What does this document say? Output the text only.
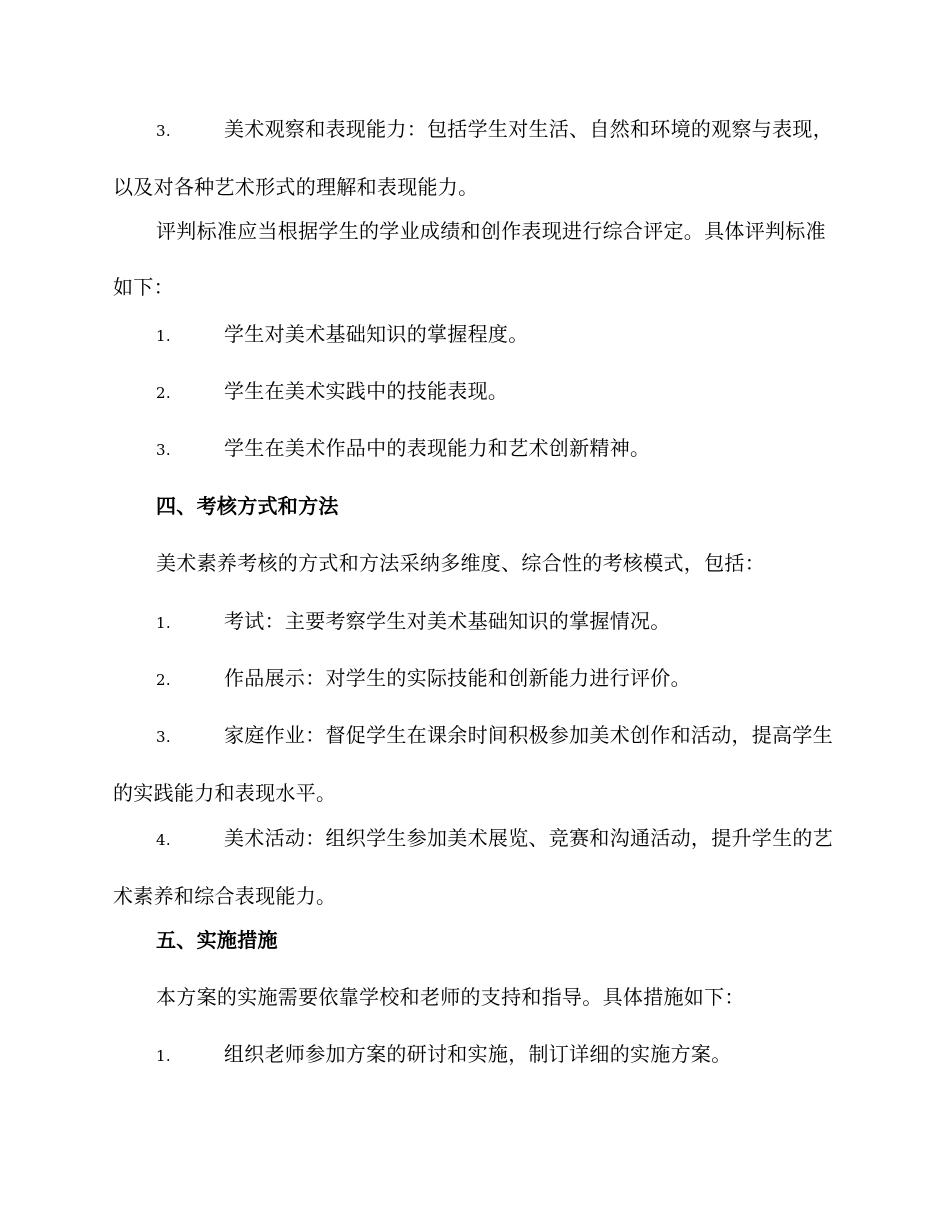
3.	美术观察和表现能力：包括学生对生活、自然和环境的观察与表现，以及对各种艺术形式的理解和表现能力。
评判标准应当根据学生的学业成绩和创作表现进行综合评定。具体评判标准如下：
1.	学生对美术基础知识的掌握程度。
2.	学生在美术实践中的技能表现。
3.	学生在美术作品中的表现能力和艺术创新精神。
四、考核方式和方法
美术素养考核的方式和方法采纳多维度、综合性的考核模式，包括：
1.	考试：主要考察学生对美术基础知识的掌握情况。
2.	作品展示：对学生的实际技能和创新能力进行评价。
3.	家庭作业：督促学生在课余时间积极参加美术创作和活动，提高学生的实践能力和表现水平。
4.	美术活动：组织学生参加美术展览、竞赛和沟通活动，提升学生的艺术素养和综合表现能力。
五、实施措施
本方案的实施需要依靠学校和老师的支持和指导。具体措施如下：
1.	组织老师参加方案的研讨和实施，制订详细的实施方案。
